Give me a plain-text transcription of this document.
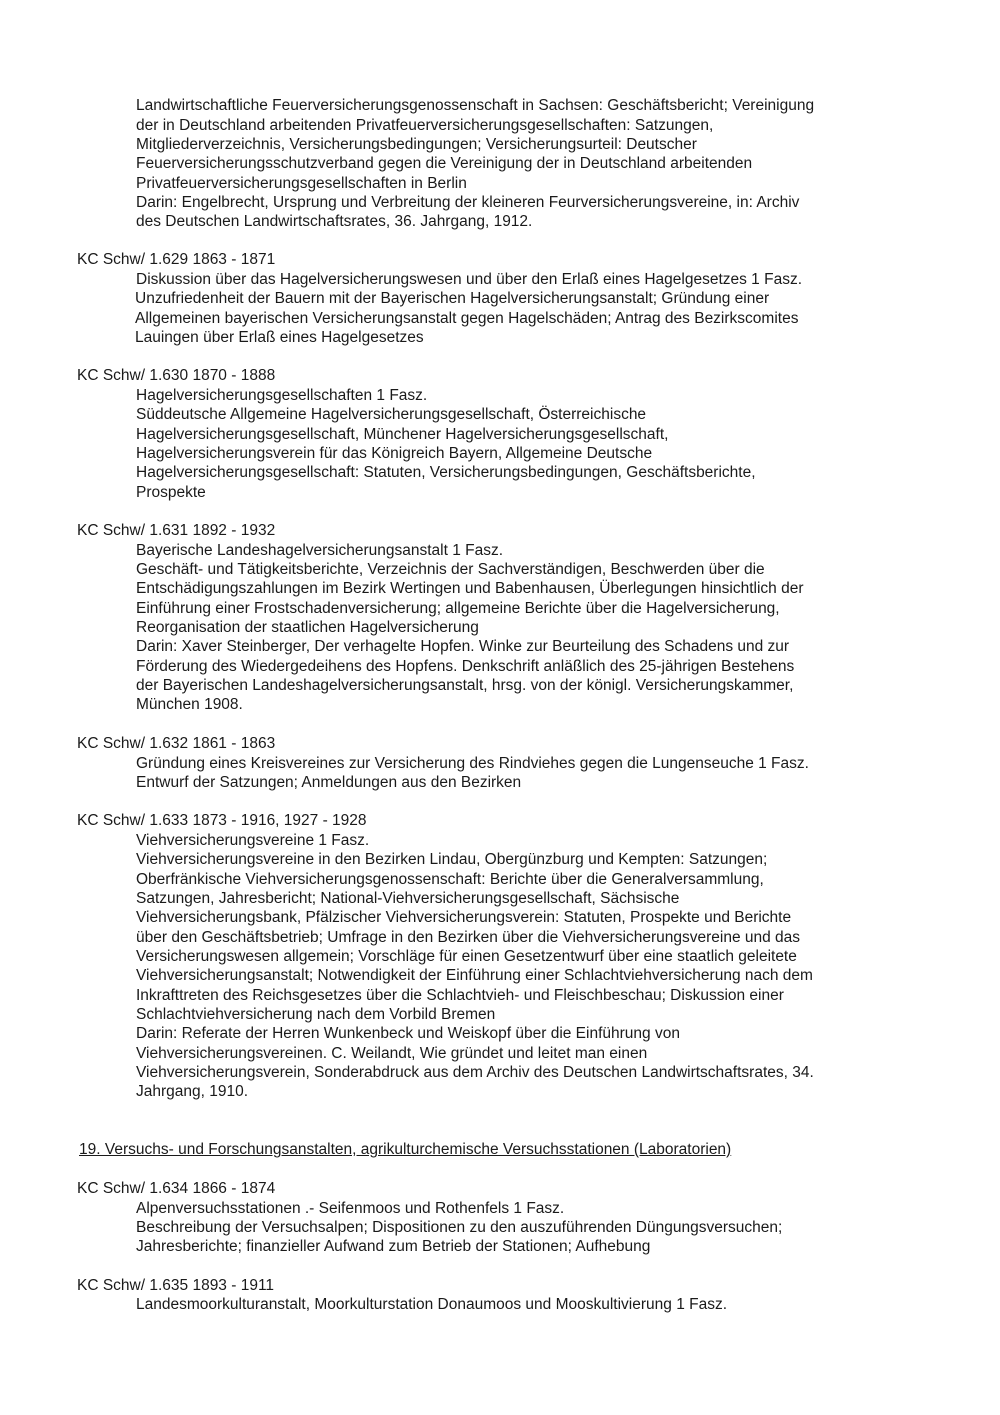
Landwirtschaftliche Feuerversicherungsgenossenschaft in Sachsen: Geschäftsbericht; Vereinigung
der in Deutschland arbeitenden Privatfeuerversicherungsgesellschaften: Satzungen,
Mitgliederverzeichnis, Versicherungsbedingungen; Versicherungsurteil: Deutscher
Feuerversicherungsschutzverband gegen die Vereinigung der in Deutschland arbeitenden
Privatfeuerversicherungsgesellschaften in Berlin
Darin: Engelbrecht, Ursprung und Verbreitung der kleineren Feurversicherungsvereine, in: Archiv
des Deutschen Landwirtschaftsrates, 36. Jahrgang, 1912.
KC Schw/ 1.629 1863 - 1871
Diskussion über das Hagelversicherungswesen und über den Erlaß eines Hagelgesetzes 1 Fasz.
Unzufriedenheit der Bauern mit der Bayerischen Hagelversicherungsanstalt; Gründung einer
Allgemeinen bayerischen Versicherungsanstalt gegen Hagelschäden; Antrag des Bezirkscomites
Lauingen über Erlaß eines Hagelgesetzes
KC Schw/ 1.630 1870 - 1888
Hagelversicherungsgesellschaften 1 Fasz.
Süddeutsche Allgemeine Hagelversicherungsgesellschaft, Österreichische
Hagelversicherungsgesellschaft, Münchener Hagelversicherungsgesellschaft,
Hagelversicherungsverein für das Königreich Bayern, Allgemeine Deutsche
Hagelversicherungsgesellschaft: Statuten, Versicherungsbedingungen, Geschäftsberichte,
Prospekte
KC Schw/ 1.631 1892 - 1932
Bayerische Landeshagelversicherungsanstalt 1 Fasz.
Geschäft- und Tätigkeitsberichte, Verzeichnis der Sachverständigen, Beschwerden über die
Entschädigungszahlungen im Bezirk Wertingen und Babenhausen, Überlegungen hinsichtlich der
Einführung einer Frostschadenversicherung; allgemeine Berichte über die Hagelversicherung,
Reorganisation der staatlichen Hagelversicherung
Darin: Xaver Steinberger, Der verhagelte Hopfen. Winke zur Beurteilung des Schadens und zur
Förderung des Wiedergedeihens des Hopfens. Denkschrift anläßlich des 25-jährigen Bestehens
der Bayerischen Landeshagelversicherungsanstalt, hrsg. von der königl. Versicherungskammer,
München 1908.
KC Schw/ 1.632 1861 - 1863
Gründung eines Kreisvereines zur Versicherung des Rindviehes gegen die Lungenseuche 1 Fasz.
Entwurf der Satzungen; Anmeldungen aus den Bezirken
KC Schw/ 1.633 1873 - 1916, 1927 - 1928
Viehversicherungsvereine 1 Fasz.
Viehversicherungsvereine in den Bezirken Lindau, Obergünzburg und Kempten: Satzungen;
Oberfränkische Viehversicherungsgenossenschaft: Berichte über die Generalversammlung,
Satzungen, Jahresbericht; National-Viehversicherungsgesellschaft, Sächsische
Viehversicherungsbank, Pfälzischer Viehversicherungsverein: Statuten, Prospekte und Berichte
über den Geschäftsbetrieb; Umfrage in den Bezirken über die Viehversicherungsvereine und das
Versicherungswesen allgemein; Vorschläge für einen Gesetzentwurf über eine staatlich geleitete
Viehversicherungsanstalt; Notwendigkeit der Einführung einer Schlachtviehversicherung nach dem
Inkrafttreten des Reichsgesetzes über die Schlachtvieh- und Fleischbeschau; Diskussion einer
Schlachtviehversicherung nach dem Vorbild Bremen
Darin: Referate der Herren Wunkenbeck und Weiskopf über die Einführung von
Viehversicherungsvereinen. C. Weilandt, Wie gründet und leitet man einen
Viehversicherungsverein, Sonderabdruck aus dem Archiv des Deutschen Landwirtschaftsrates, 34.
Jahrgang, 1910.
19. Versuchs- und Forschungsanstalten, agrikulturchemische Versuchsstationen (Laboratorien)
KC Schw/ 1.634 1866 - 1874
Alpenversuchsstationen .- Seifenmoos und Rothenfels 1 Fasz.
Beschreibung der Versuchsalpen; Dispositionen zu den auszuführenden Düngungsversuchen;
Jahresberichte; finanzieller Aufwand zum Betrieb der Stationen; Aufhebung
KC Schw/ 1.635 1893 - 1911
Landesmoorkulturanstalt, Moorkulturstation Donaumoos und Mooskultivierung 1 Fasz.
